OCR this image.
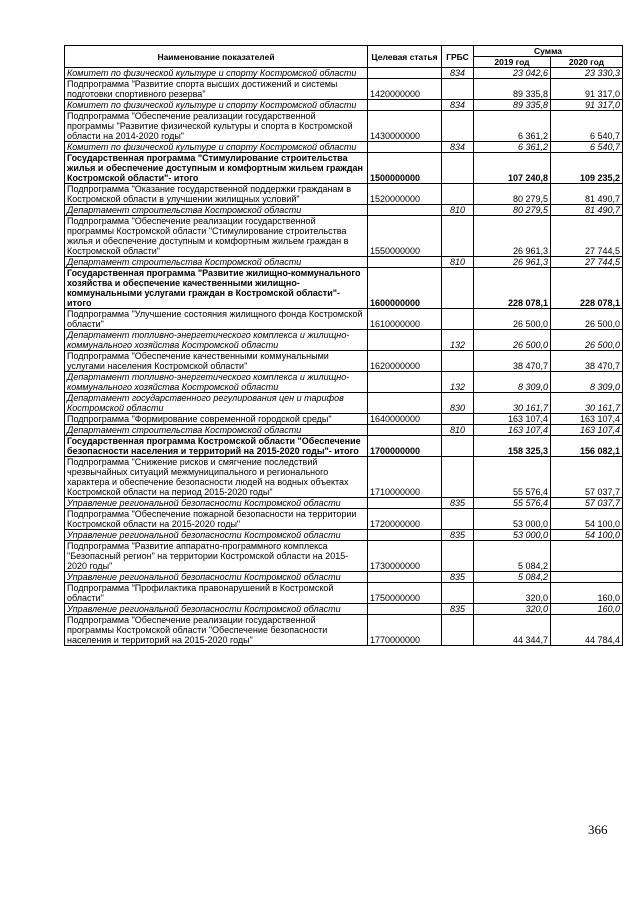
Наименование показателей	Целевая статья	ГРБС	Сумма	
			2019 год	2020 год
Комитет по физической культуре и спорту Костромской области		834	23 042,6	23 330,3
Подпрограмма "Развитие спорта высших достижений и системы подготовки спортивного резерва"	1420000000		89 335,8	91 317,0
Комитет по физической культуре и спорту Костромской области		834	89 335,8	91 317,0
Подпрограмма "Обеспечение реализации государственной программы "Развитие физической культуры и спорта в Костромской области на 2014-2020 годы"	1430000000		6 361,2	6 540,7
Комитет по физической культуре и спорту Костромской области		834	6 361,2	6 540,7
Государственная программа "Стимулирование строительства жилья и обеспечение доступным и комфортным жильем граждан Костромской области"- итого	1500000000		107 240,8	109 235,2
Подпрограмма "Оказание государственной поддержки гражданам в Костромской области в улучшении жилищных условий"	1520000000		80 279,5	81 490,7
Департамент строительства Костромской области		810	80 279,5	81 490,7
Подпрограмма "Обеспечение реализации государственной программы Костромской области "Стимулирование строительства жилья и обеспечение доступным и комфортным жильем граждан в Костромской области"	1550000000		26 961,3	27 744,5
Департамент строительства Костромской области		810	26 961,3	27 744,5
Государственная программа "Развитие жилищно-коммунального хозяйства и обеспечение качественными жилищно-коммунальными услугами граждан в Костромской области"- итого	1600000000		228 078,1	228 078,1
Подпрограмма "Улучшение состояния жилищного фонда Костромской области"	1610000000		26 500,0	26 500,0
Департамент топливно-энергетического комплекса и жилищно-коммунального хозяйства Костромской области		132	26 500,0	26 500,0
Подпрограмма "Обеспечение качественными коммунальными услугами населения Костромской области"	1620000000		38 470,7	38 470,7
Департамент топливно-энергетического комплекса и жилищно-коммунального хозяйства Костромской области		132	8 309,0	8 309,0
Департамент государственного регулирования цен и тарифов Костромской области		830	30 161,7	30 161,7
Подпрограмма "Формирование современной городской среды"	1640000000		163 107,4	163 107,4
Департамент строительства Костромской области		810	163 107,4	163 107,4
Государственная программа Костромской области "Обеспечение безопасности населения и территорий на 2015-2020 годы"- итого	1700000000		158 325,3	156 082,1
Подпрограмма "Снижение рисков и смягчение последствий чрезвычайных ситуаций межмуниципального и регионального характера и обеспечение безопасности людей на водных объектах Костромской области на период 2015-2020 годы"	1710000000		55 576,4	57 037,7
Управление региональной безопасности Костромской области		835	55 576,4	57 037,7
Подпрограмма "Обеспечение пожарной безопасности на территории Костромской области на 2015-2020 годы"	1720000000		53 000,0	54 100,0
Управление региональной безопасности Костромской области		835	53 000,0	54 100,0
Подпрограмма "Развитие аппаратно-программного комплекса "Безопасный регион" на территории Костромской области на 2015-2020 годы"	1730000000		5 084,2	
Управление региональной безопасности Костромской области		835	5 084,2	
Подпрограмма "Профилактика правонарушений в Костромской области"	1750000000		320,0	160,0
Управление региональной безопасности Костромской области		835	320,0	160,0
Подпрограмма "Обеспечение реализации государственной программы Костромской области "Обеспечение безопасности населения и территорий на 2015-2020 годы"	1770000000		44 344,7	44 784,4
366
